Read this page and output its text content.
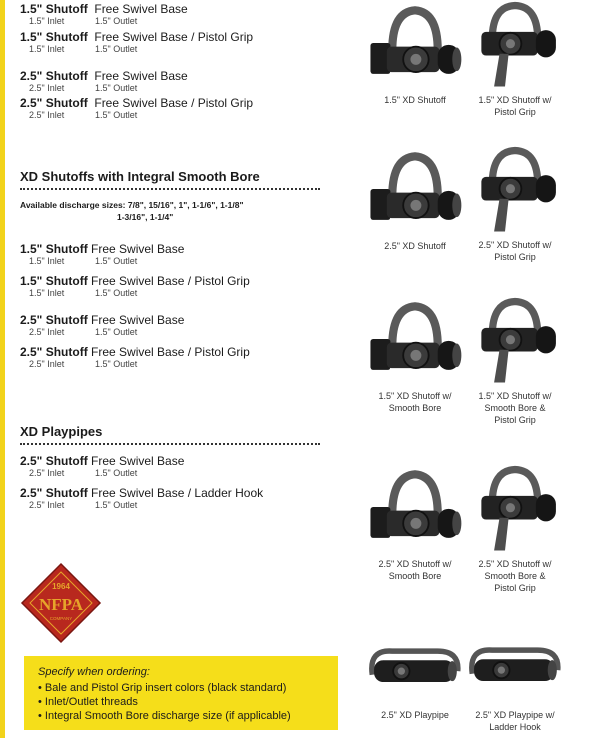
1.5" Shutoff Free Swivel Base
1.5" Inlet	1.5" Outlet
1.5" Shutoff Free Swivel Base / Pistol Grip
1.5" Inlet	1.5" Outlet
2.5" Shutoff Free Swivel Base
2.5" Inlet	1.5" Outlet
2.5" Shutoff Free Swivel Base / Pistol Grip
2.5" Inlet	1.5" Outlet
XD Shutoffs with Integral Smooth Bore
Available discharge sizes: 7/8", 15/16", 1", 1-1/6", 1-1/8"
1-3/16", 1-1/4"
1.5" Shutoff Free Swivel Base
1.5" Inlet	1.5" Outlet
1.5" Shutoff Free Swivel Base / Pistol Grip
1.5" Inlet	1.5" Outlet
2.5" Shutoff Free Swivel Base
2.5" Inlet	1.5" Outlet
2.5" Shutoff Free Swivel Base / Pistol Grip
2.5" Inlet	1.5" Outlet
XD Playpipes
2.5" Shutoff Free Swivel Base
2.5" Inlet	1.5" Outlet
2.5" Shutoff Free Swivel Base / Ladder Hook
2.5" Inlet	1.5" Outlet
1964
NFPA
COMPANY
Specify when ordering:
• Bale and Pistol Grip insert colors (black standard)
• Inlet/Outlet threads
• Integral Smooth Bore discharge size (if applicable)
1.5" XD Shutoff	1.5" XD Shutoff w/
Pistol Grip
2.5" XD Shutoff	2.5" XD Shutoff w/
Pistol Grip
1.5" XD Shutoff w/
Smooth Bore
1.5" XD Shutoff w/
Smooth Bore &
Pistol Grip
2.5" XD Shutoff w/
Smooth Bore
2.5" XD Shutoff w/
Smooth Bore &
Pistol Grip
2.5" XD Playpipe	2.5" XD Playpipe w/
Ladder Hook
